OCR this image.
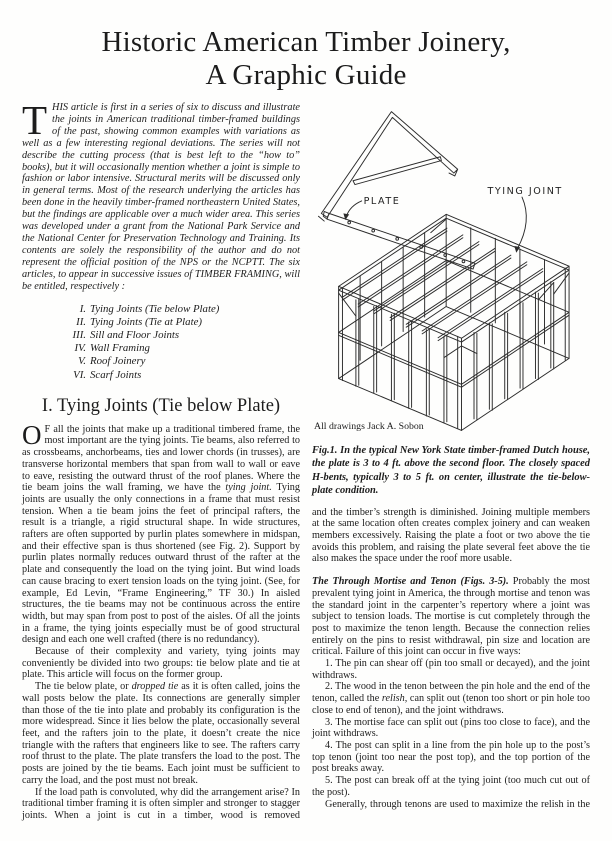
Historic American Timber Joinery,
A Graphic Guide

THIS article is first in a series of six to discuss and illustrate the joints in American traditional timber-framed buildings of the past, showing common examples with variations as well as a few interesting regional deviations. The series will not describe the cutting process (that is best left to the “how to” books), but it will occasionally mention whether a joint is simple to fashion or labor intensive. Structural merits will be discussed only in general terms. Most of the research underlying the articles has been done in the heavily timber-framed northeastern United States, but the findings are applicable over a much wider area. This series was developed under a grant from the National Park Service and the National Center for Preservation Technology and Training. Its contents are solely the responsibility of the author and do not represent the official position of the NPS or the NCPTT. The six articles, to appear in successive issues of TIMBER FRAMING, will be entitled, respectively :

I. Tying Joints (Tie below Plate)
II. Tying Joints (Tie at Plate)
III. Sill and Floor Joints
IV. Wall Framing
V. Roof Joinery
VI. Scarf Joints
I. Tying Joints (Tie below Plate)

O F all the joints that make up a traditional timbered frame, the most important are the tying joints. Tie beams, also referred to as crossbeams, anchorbeams, ties and lower chords (in trusses), are transverse horizontal members that span from wall to wall or eave to eave, resisting the outward thrust of the roof planes. Where the tie beam joins the wall framing, we have the tying joint. Tying joints are usually the only connections in a frame that must resist tension. When a tie beam joins the feet of principal rafters, the result is a triangle, a rigid structural shape. In wide structures, rafters are often supported by purlin plates somewhere in midspan, and their effective span is thus shortened (see Fig. 2). Support by purlin plates normally reduces outward thrust of the rafter at the plate and consequently the load on the tying joint. But wind loads can cause bracing to exert tension loads on the tying joint. (See, for example, Ed Levin, “Frame Engineering,” TF 30.) In aisled structures, the tie beams may not be continuous across the entire width, but may span from post to post of the aisles. Of all the joints in a frame, the tying joints especially must be of good structural design and each one well crafted (there is no redundancy).

Because of their complexity and variety, tying joints may conveniently be divided into two groups: tie below plate and tie at plate. This article will focus on the former group.

The tie below plate, or dropped tie as it is often called, joins the wall posts below the plate. Its connections are generally simpler than those of the tie into plate and probably its configuration is the more widespread. Since it lies below the plate, occasionally several feet, and the rafters join to the plate, it doesn’t create the nice triangle with the rafters that engineers like to see. The rafters carry roof thrust to the plate. The plate transfers the load to the post. The posts are joined by the tie beams. Each joint must be sufficient to carry the load, and the post must not break.

If the load path is convoluted, why did the arrangement arise? In traditional timber framing it is often simpler and stronger to stagger joints. When a joint is cut in a timber, wood is removed

PLATE
TYING JOINT
All drawings Jack A. Sobon

Fig.1. In the typical New York State timber-framed Dutch house, the plate is 3 to 4 ft. above the second floor. The closely spaced H-bents, typically 3 to 5 ft. on center, illustrate the tie-below-plate condition.

and the timber’s strength is diminished. Joining multiple members at the same location often creates complex joinery and can weaken members excessively. Raising the plate a foot or two above the tie avoids this problem, and raising the plate several feet above the tie also makes the space under the roof more usable.

The Through Mortise and Tenon (Figs. 3-5). Probably the most prevalent tying joint in America, the through mortise and tenon was the standard joint in the carpenter’s repertory where a joint was subject to tension loads. The mortise is cut completely through the post to maximize the tenon length. Because the connection relies entirely on the pins to resist withdrawal, pin size and location are critical. Failure of this joint can occur in five ways:

1. The pin can shear off (pin too small or decayed), and the joint withdraws.

2. The wood in the tenon between the pin hole and the end of the tenon, called the relish, can split out (tenon too short or pin hole too close to end of tenon), and the joint withdraws.

3. The mortise face can split out (pins too close to face), and the joint withdraws.

4. The post can split in a line from the pin hole up to the post’s top tenon (joint too near the post top), and the top portion of the post breaks away.

5. The post can break off at the tying joint (too much cut out of the post).

Generally, through tenons are used to maximize the relish in the
